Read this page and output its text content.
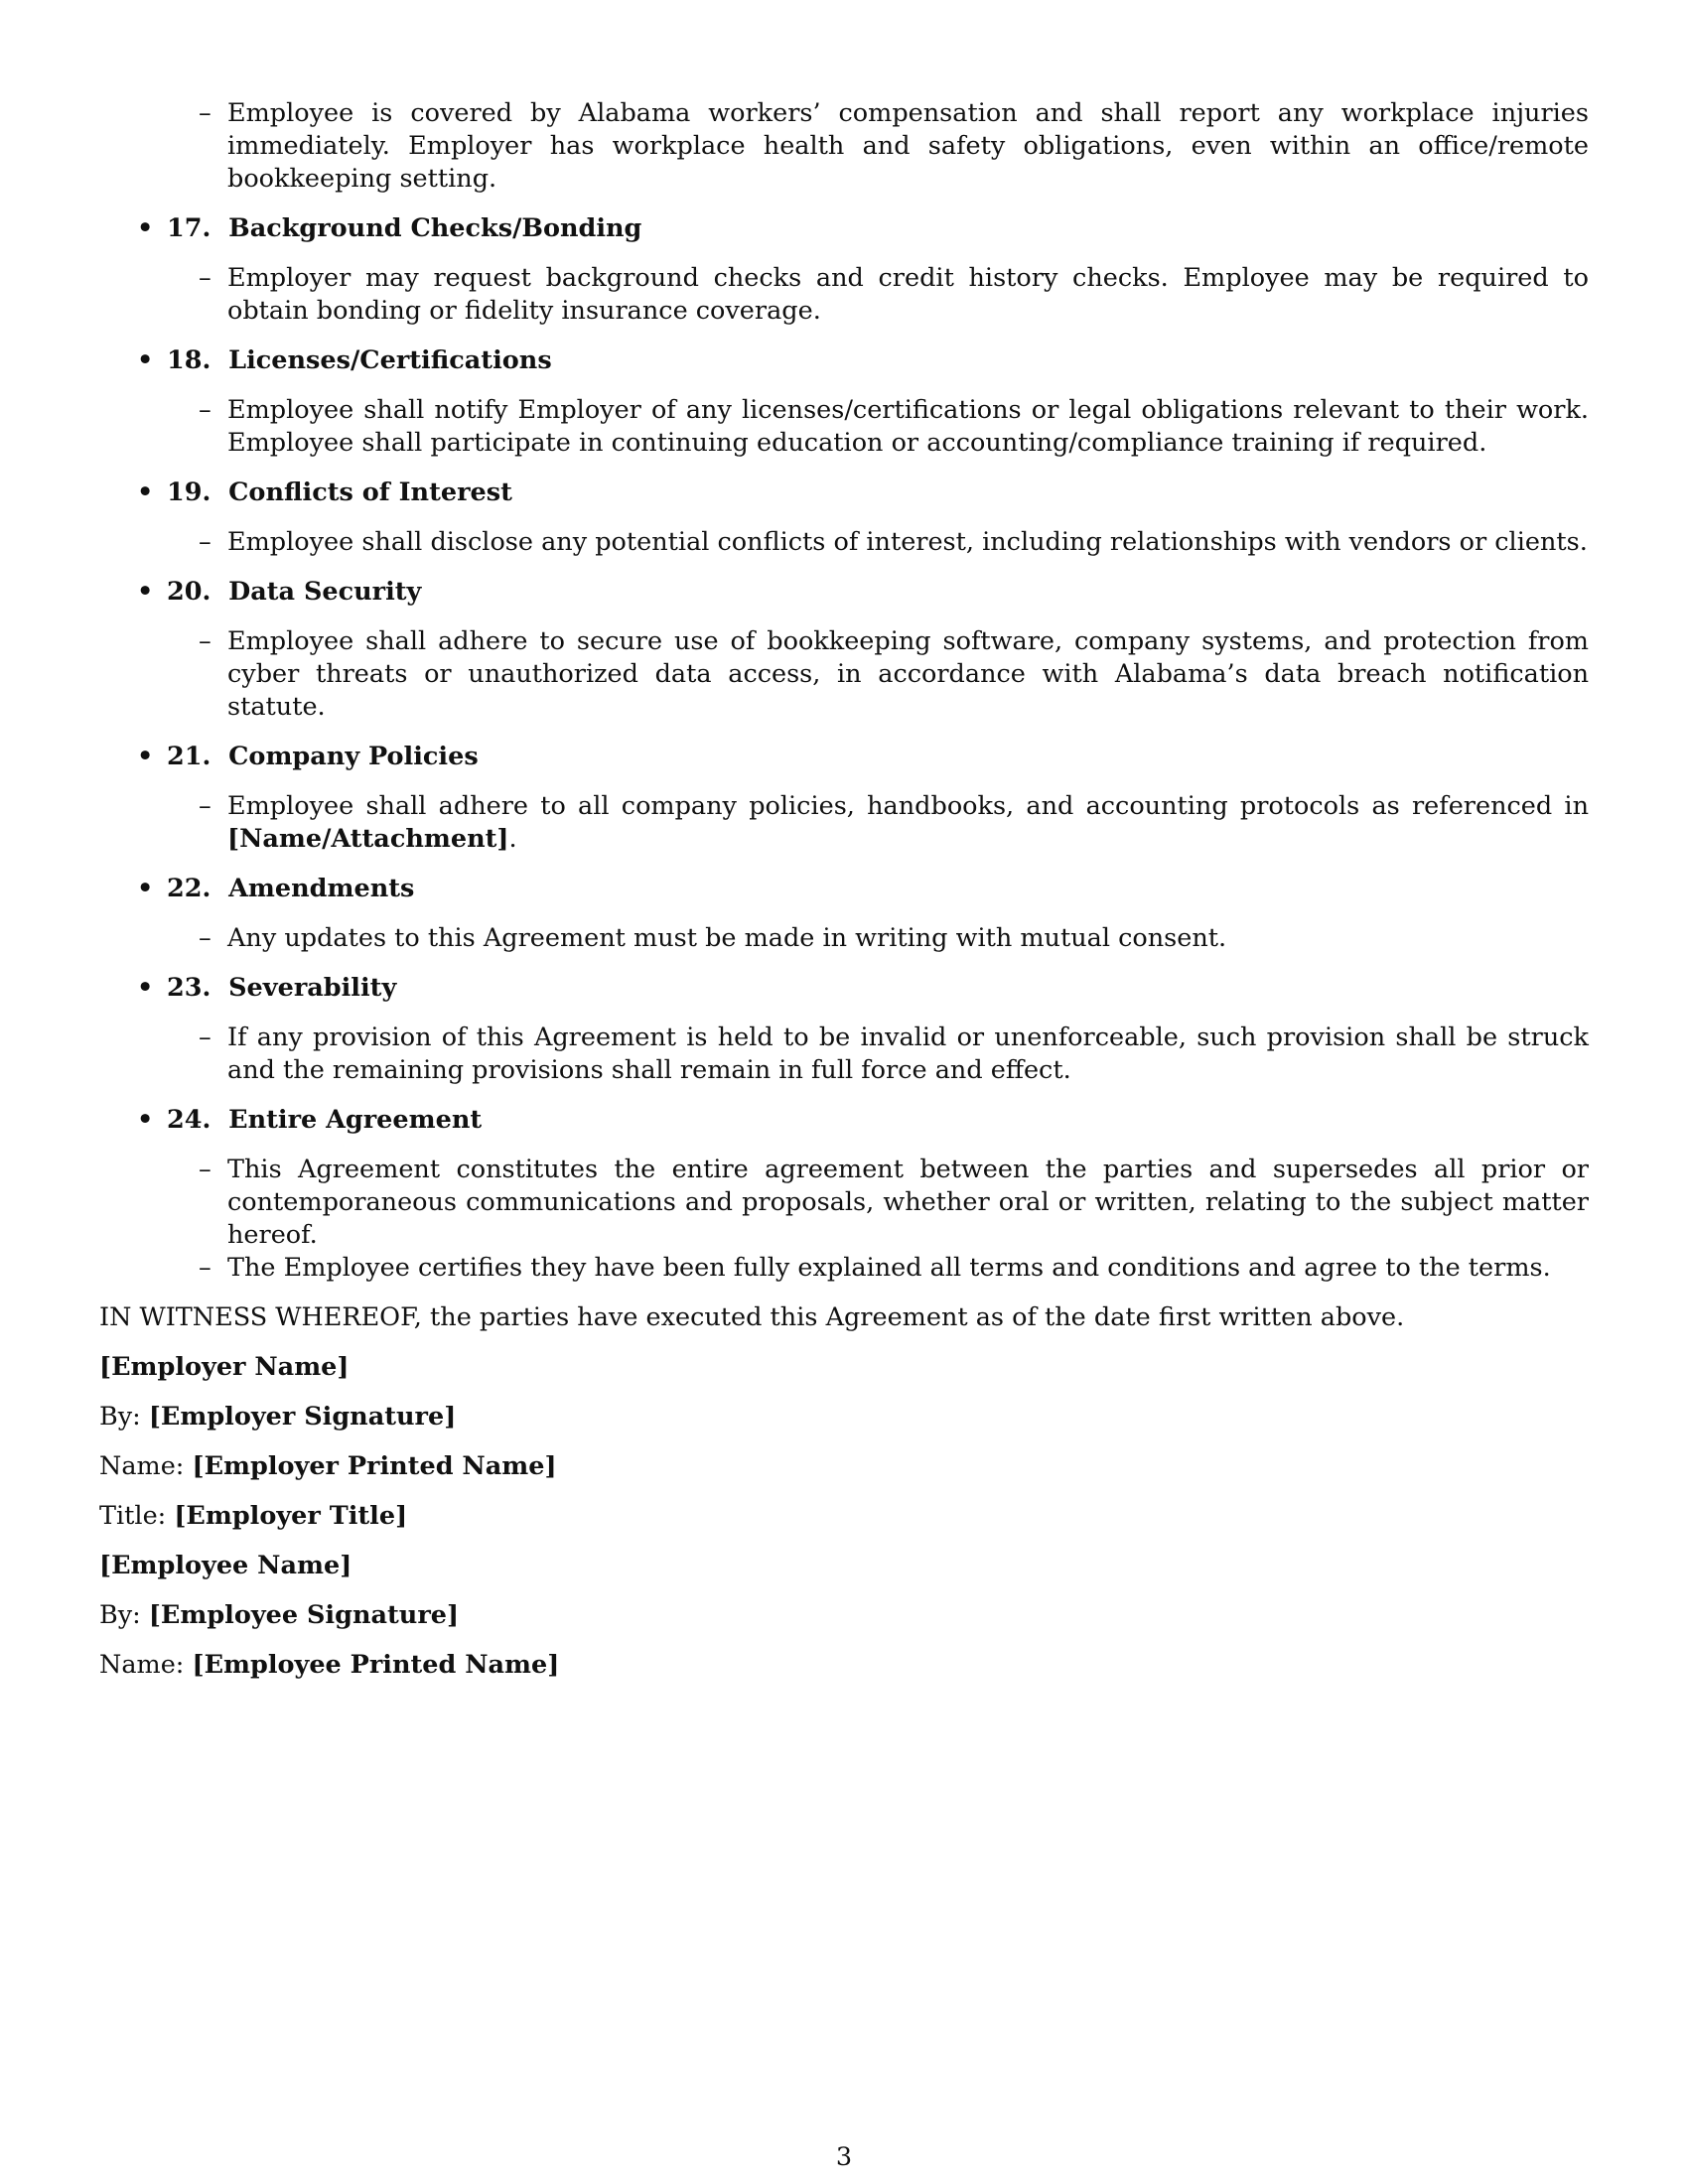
– Employee is covered by Alabama workers’ compensation and shall report any workplace injuries immediately. Employer has workplace health and safety obligations, even within an office/remote bookkeeping setting.
• 17. Background Checks/Bonding
– Employer may request background checks and credit history checks. Employee may be required to obtain bonding or fidelity insurance coverage.
• 18. Licenses/Certifications
– Employee shall notify Employer of any licenses/certifications or legal obligations relevant to their work. Employee shall participate in continuing education or accounting/compliance training if required.
• 19. Conflicts of Interest
– Employee shall disclose any potential conflicts of interest, including relationships with vendors or clients.
• 20. Data Security
– Employee shall adhere to secure use of bookkeeping software, company systems, and protection from cyber threats or unauthorized data access, in accordance with Alabama’s data breach notification statute.
• 21. Company Policies
– Employee shall adhere to all company policies, handbooks, and accounting protocols as referenced in [Name/Attachment].
• 22. Amendments
– Any updates to this Agreement must be made in writing with mutual consent.
• 23. Severability
– If any provision of this Agreement is held to be invalid or unenforceable, such provision shall be struck and the remaining provisions shall remain in full force and effect.
• 24. Entire Agreement
– This Agreement constitutes the entire agreement between the parties and supersedes all prior or contemporaneous communications and proposals, whether oral or written, relating to the subject matter hereof.
– The Employee certifies they have been fully explained all terms and conditions and agree to the terms.
IN WITNESS WHEREOF, the parties have executed this Agreement as of the date first written above.
[Employer Name]
By: [Employer Signature]
Name: [Employer Printed Name]
Title: [Employer Title]
[Employee Name]
By: [Employee Signature]
Name: [Employee Printed Name]
3
